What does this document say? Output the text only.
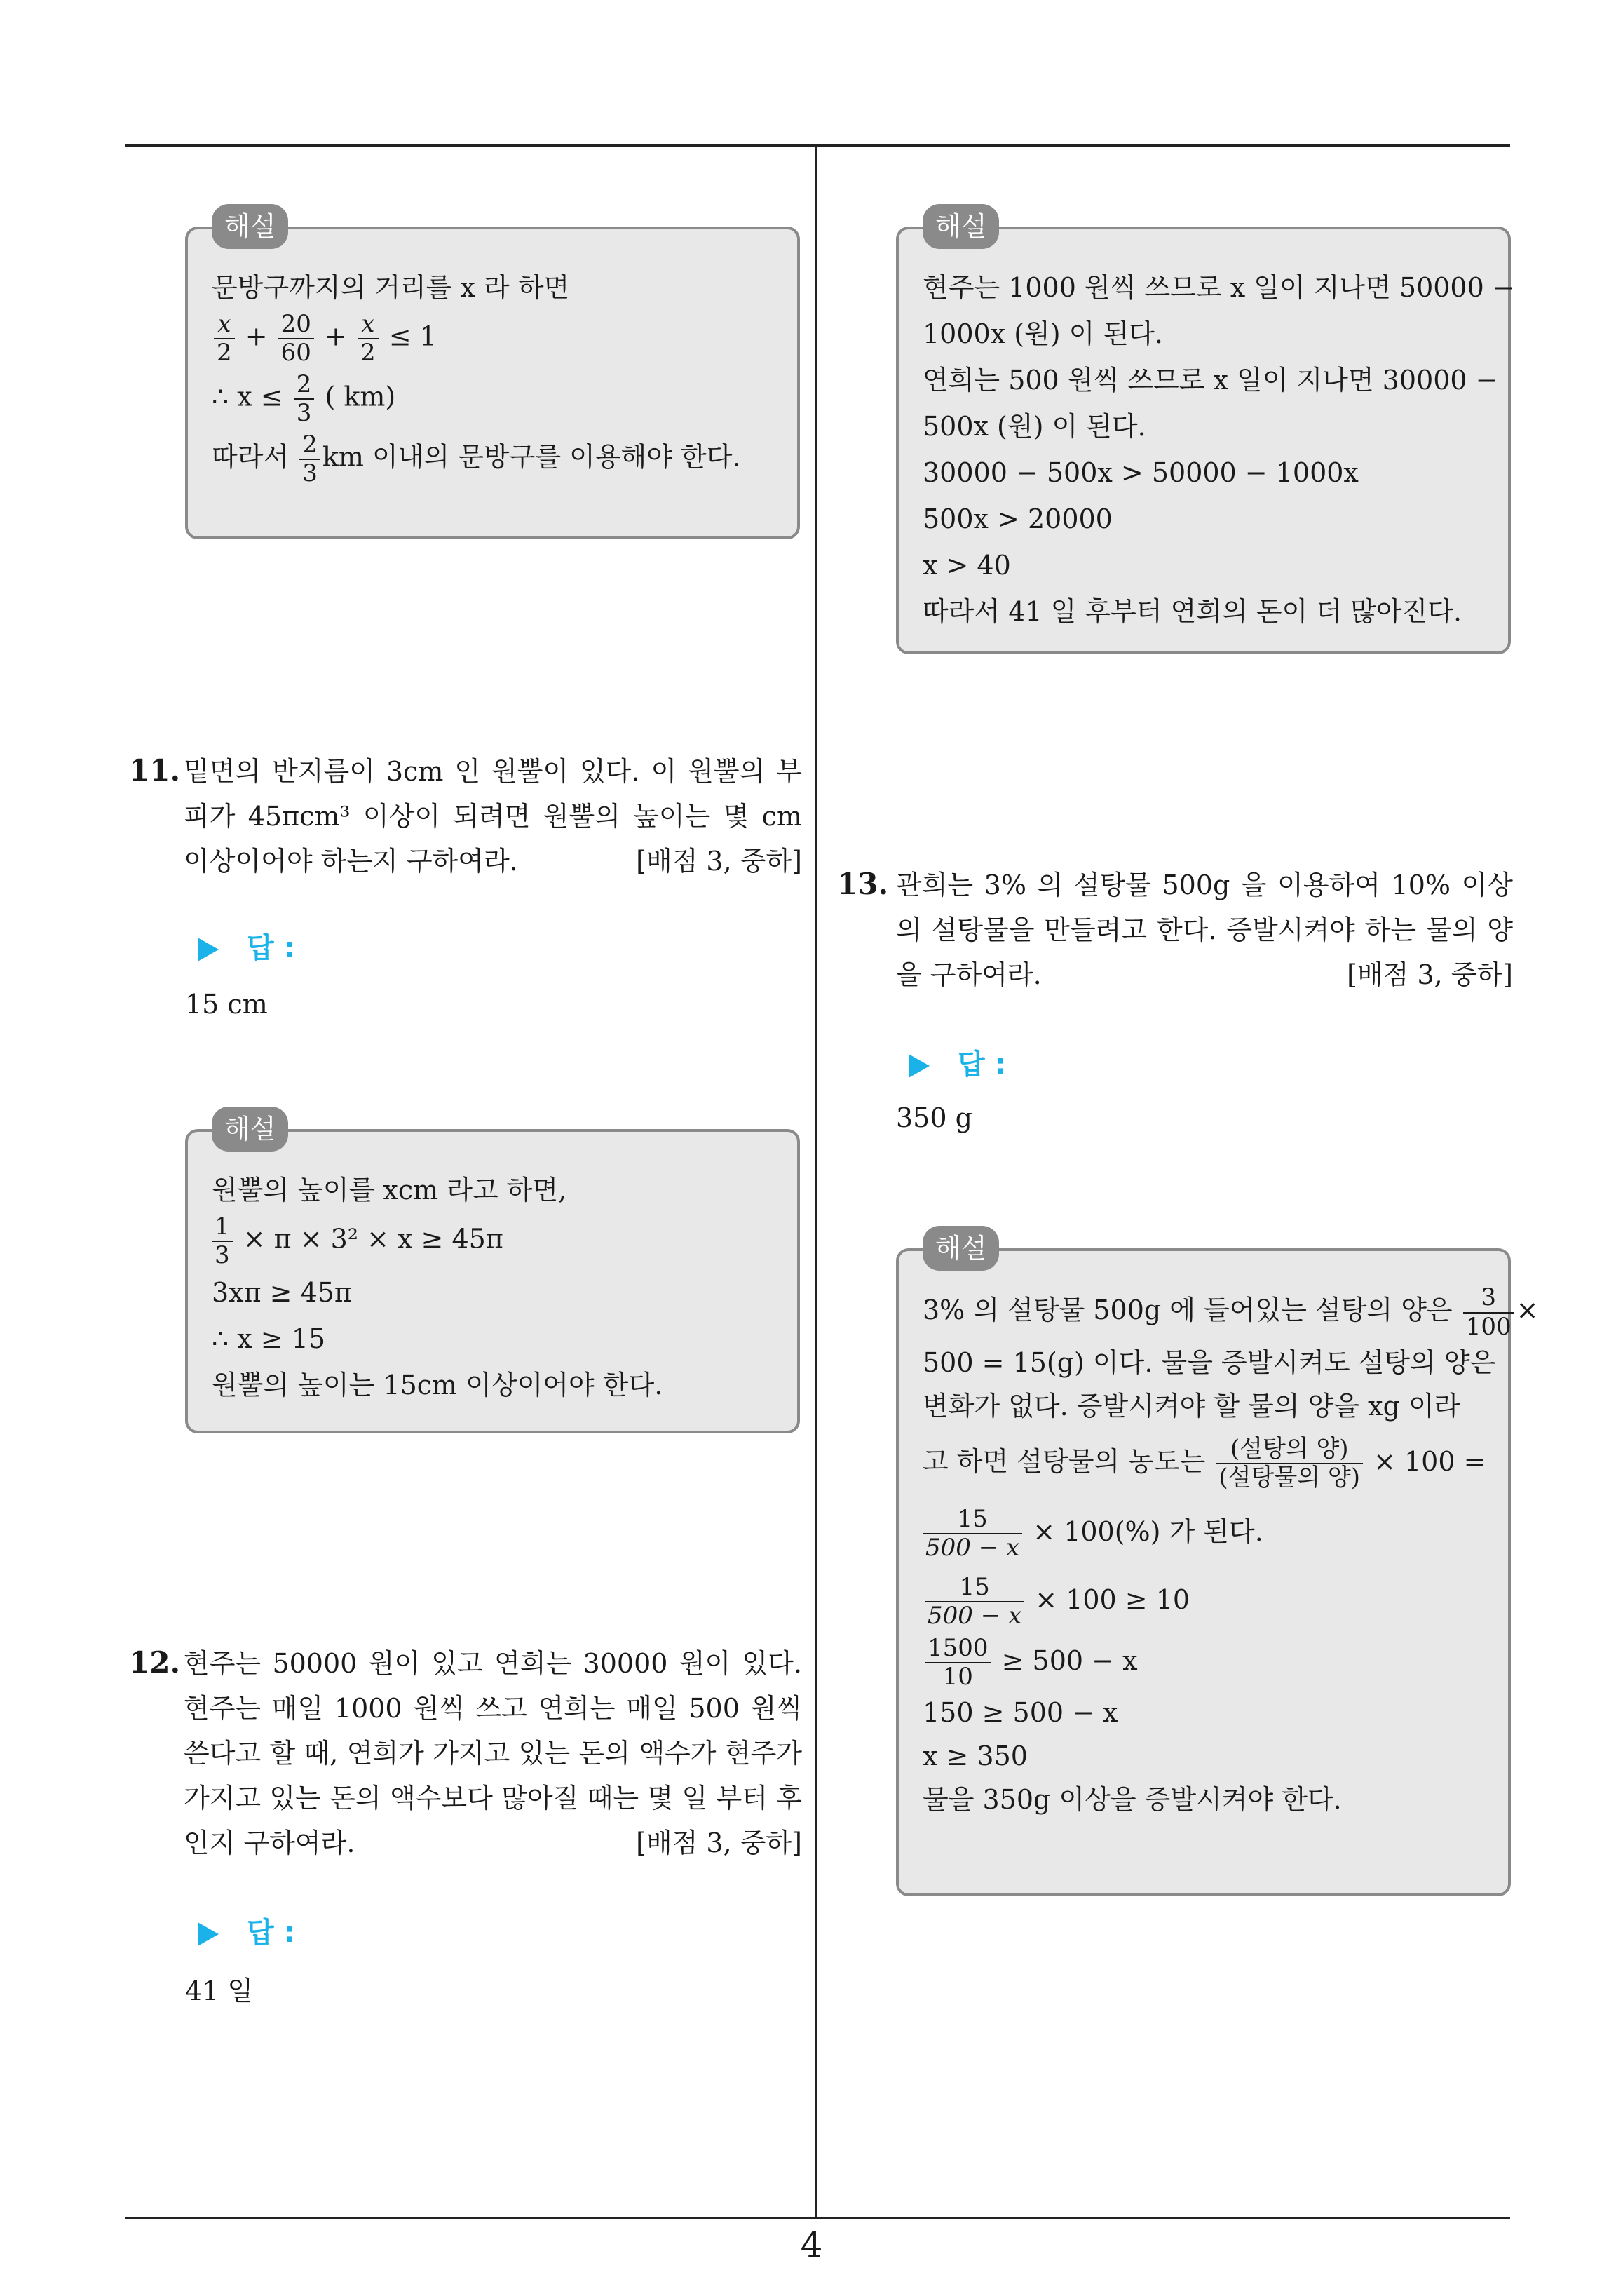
해설
문방구까지의 거리를 x 라 하면
$\frac{x}{2} + \frac{20}{60} + \frac{x}{2} \le 1$
∴ $x \le \frac{2}{3}$ ( km)
따라서 $\frac{2}{3}$ km 이내의 문방구를 이용해야 한다.
11. 밑면의 반지름이 3cm 인 원뿔이 있다. 이 원뿔의 부피가 45πcm³ 이상이 되려면 원뿔의 높이는 몇 cm 이상이어야 하는지 구하여라.	[배점 3, 중하]
답 :
15 cm
해설
원뿔의 높이를 xcm 라고 하면,
$\frac{1}{3} \times \pi \times 3^2 \times x \ge 45\pi$
3xπ ≥ 45π
∴ x ≥ 15
원뿔의 높이는 15cm 이상이어야 한다.
12. 현주는 50000 원이 있고 연희는 30000 원이 있다. 현주는 매일 1000 원씩 쓰고 연희는 매일 500 원씩 쓴다고 할 때, 연희가 가지고 있는 돈의 액수가 현주가 가지고 있는 돈의 액수보다 많아질 때는 몇 일 부터 후인지 구하여라.	[배점 3, 중하]
답 :
41 일
해설
현주는 1000 원씩 쓰므로 x 일이 지나면 50000 −
1000x (원) 이 된다.
연희는 500 원씩 쓰므로 x 일이 지나면 30000 −
500x (원) 이 된다.
30000 − 500x > 50000 − 1000x
500x > 20000
x > 40
따라서 41 일 후부터 연희의 돈이 더 많아진다.
13. 관희는 3% 의 설탕물 500g 을 이용하여 10% 이상의 설탕물을 만들려고 한다. 증발시켜야 하는 물의 양을 구하여라.	[배점 3, 중하]
답 :
350 g
해설
3% 의 설탕물 500g 에 들어있는 설탕의 양은 $\frac{3}{100}$ ×
500 = 15(g) 이다. 물을 증발시켜도 설탕의 양은
변화가 없다. 증발시켜야 할 물의 양을 xg 이라
고 하면 설탕물의 농도는 $\frac{\text{(설탕의 양)}}{\text{(설탕물의 양)}} \times 100$ =
$\frac{15}{500 - x} \times 100(\%)$ 가 된다.
$\frac{15}{500 - x} \times 100 \ge 10$
$\frac{1500}{10} \ge 500 - x$
150 ≥ 500 − x
x ≥ 350
물을 350g 이상을 증발시켜야 한다.
4
